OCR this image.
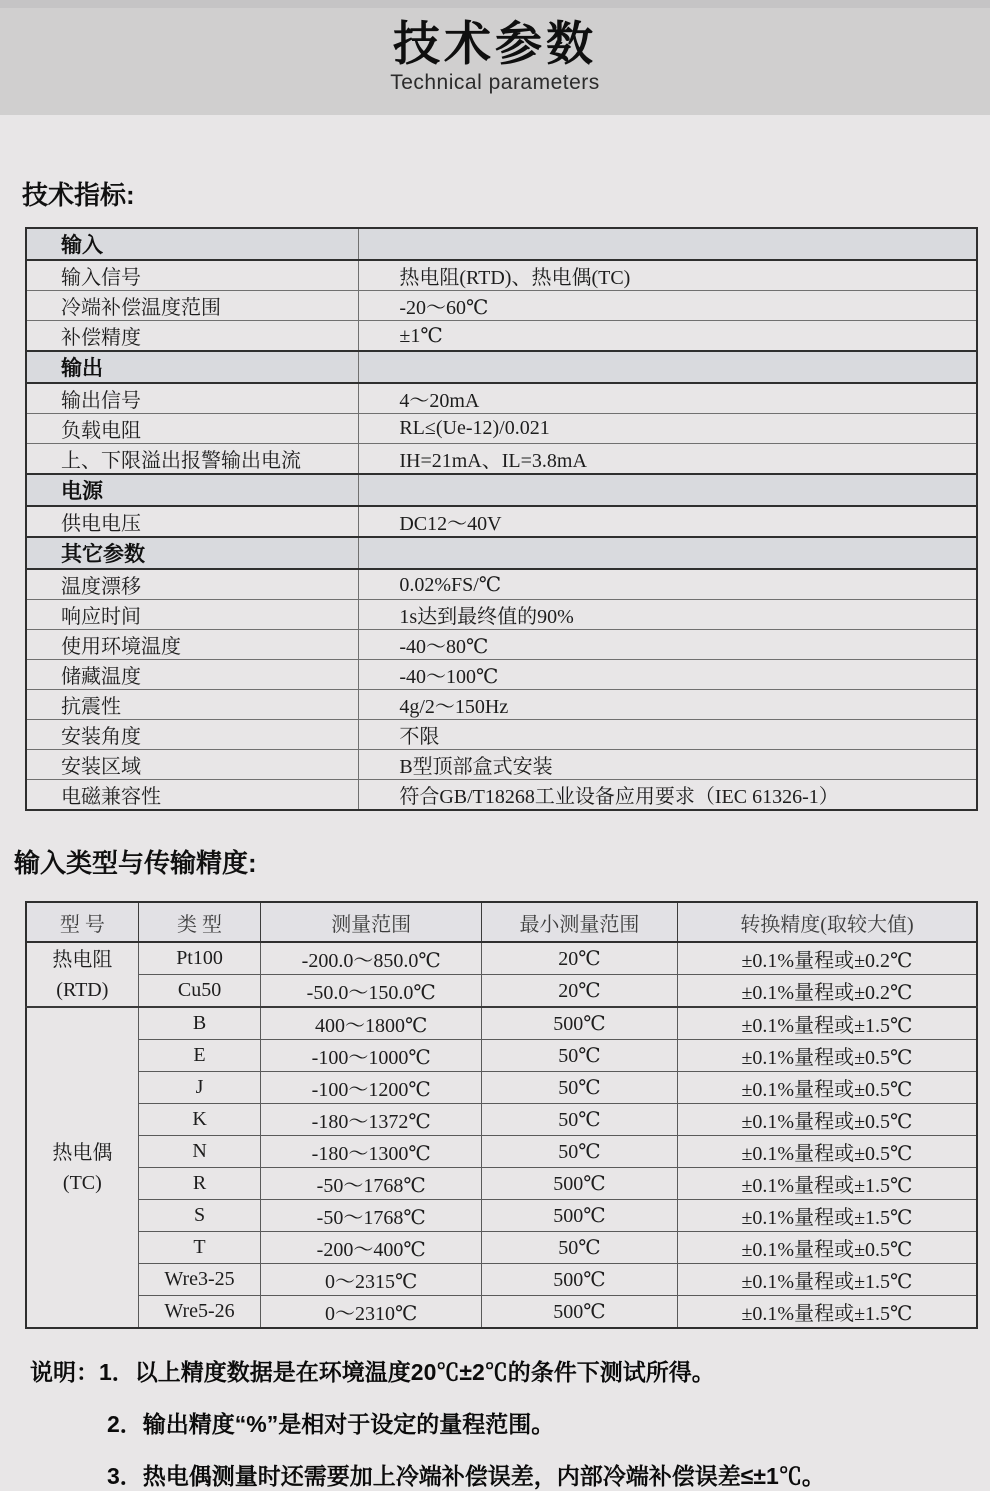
技术参数
Technical parameters
技术指标:
输入	
输入信号	热电阻(RTD)、热电偶(TC)
冷端补偿温度范围	-20～60℃
补偿精度	±1℃
输出	
输出信号	4～20mA
负载电阻	RL≤(Ue-12)/0.021
上、下限溢出报警输出电流	IH=21mA、IL=3.8mA
电源	
供电电压	DC12～40V
其它参数	
温度漂移	0.02%FS/℃
响应时间	1s达到最终值的90%
使用环境温度	-40～80℃
储藏温度	-40～100℃
抗震性	4g/2～150Hz
安装角度	不限
安装区域	B型顶部盒式安装
电磁兼容性	符合GB/T18268工业设备应用要求（IEC 61326-1）
输入类型与传输精度:
型 号	类 型	测量范围	最小测量范围	转换精度(取较大值)

热电阻
(RTD)	Pt100	-200.0～850.0℃	20℃	±0.1%量程或±0.2℃
	Cu50	-50.0～150.0℃	20℃	±0.1%量程或±0.2℃

热电偶
(TC)	B	400～1800℃	500℃	±0.1%量程或±1.5℃
	E	-100～1000℃	50℃	±0.1%量程或±0.5℃
	J	-100～1200℃	50℃	±0.1%量程或±0.5℃
	K	-180～1372℃	50℃	±0.1%量程或±0.5℃
	N	-180～1300℃	50℃	±0.1%量程或±0.5℃
	R	-50～1768℃	500℃	±0.1%量程或±1.5℃
	S	-50～1768℃	500℃	±0.1%量程或±1.5℃
	T	-200～400℃	50℃	±0.1%量程或±0.5℃
	Wre3-25	0～2315℃	500℃	±0.1%量程或±1.5℃
	Wre5-26	0～2310℃	500℃	±0.1%量程或±1.5℃
说明：1．以上精度数据是在环境温度20℃±2℃的条件下测试所得。
2．输出精度“%”是相对于设定的量程范围。
3．热电偶测量时还需要加上冷端补偿误差，内部冷端补偿误差≤±1℃。
